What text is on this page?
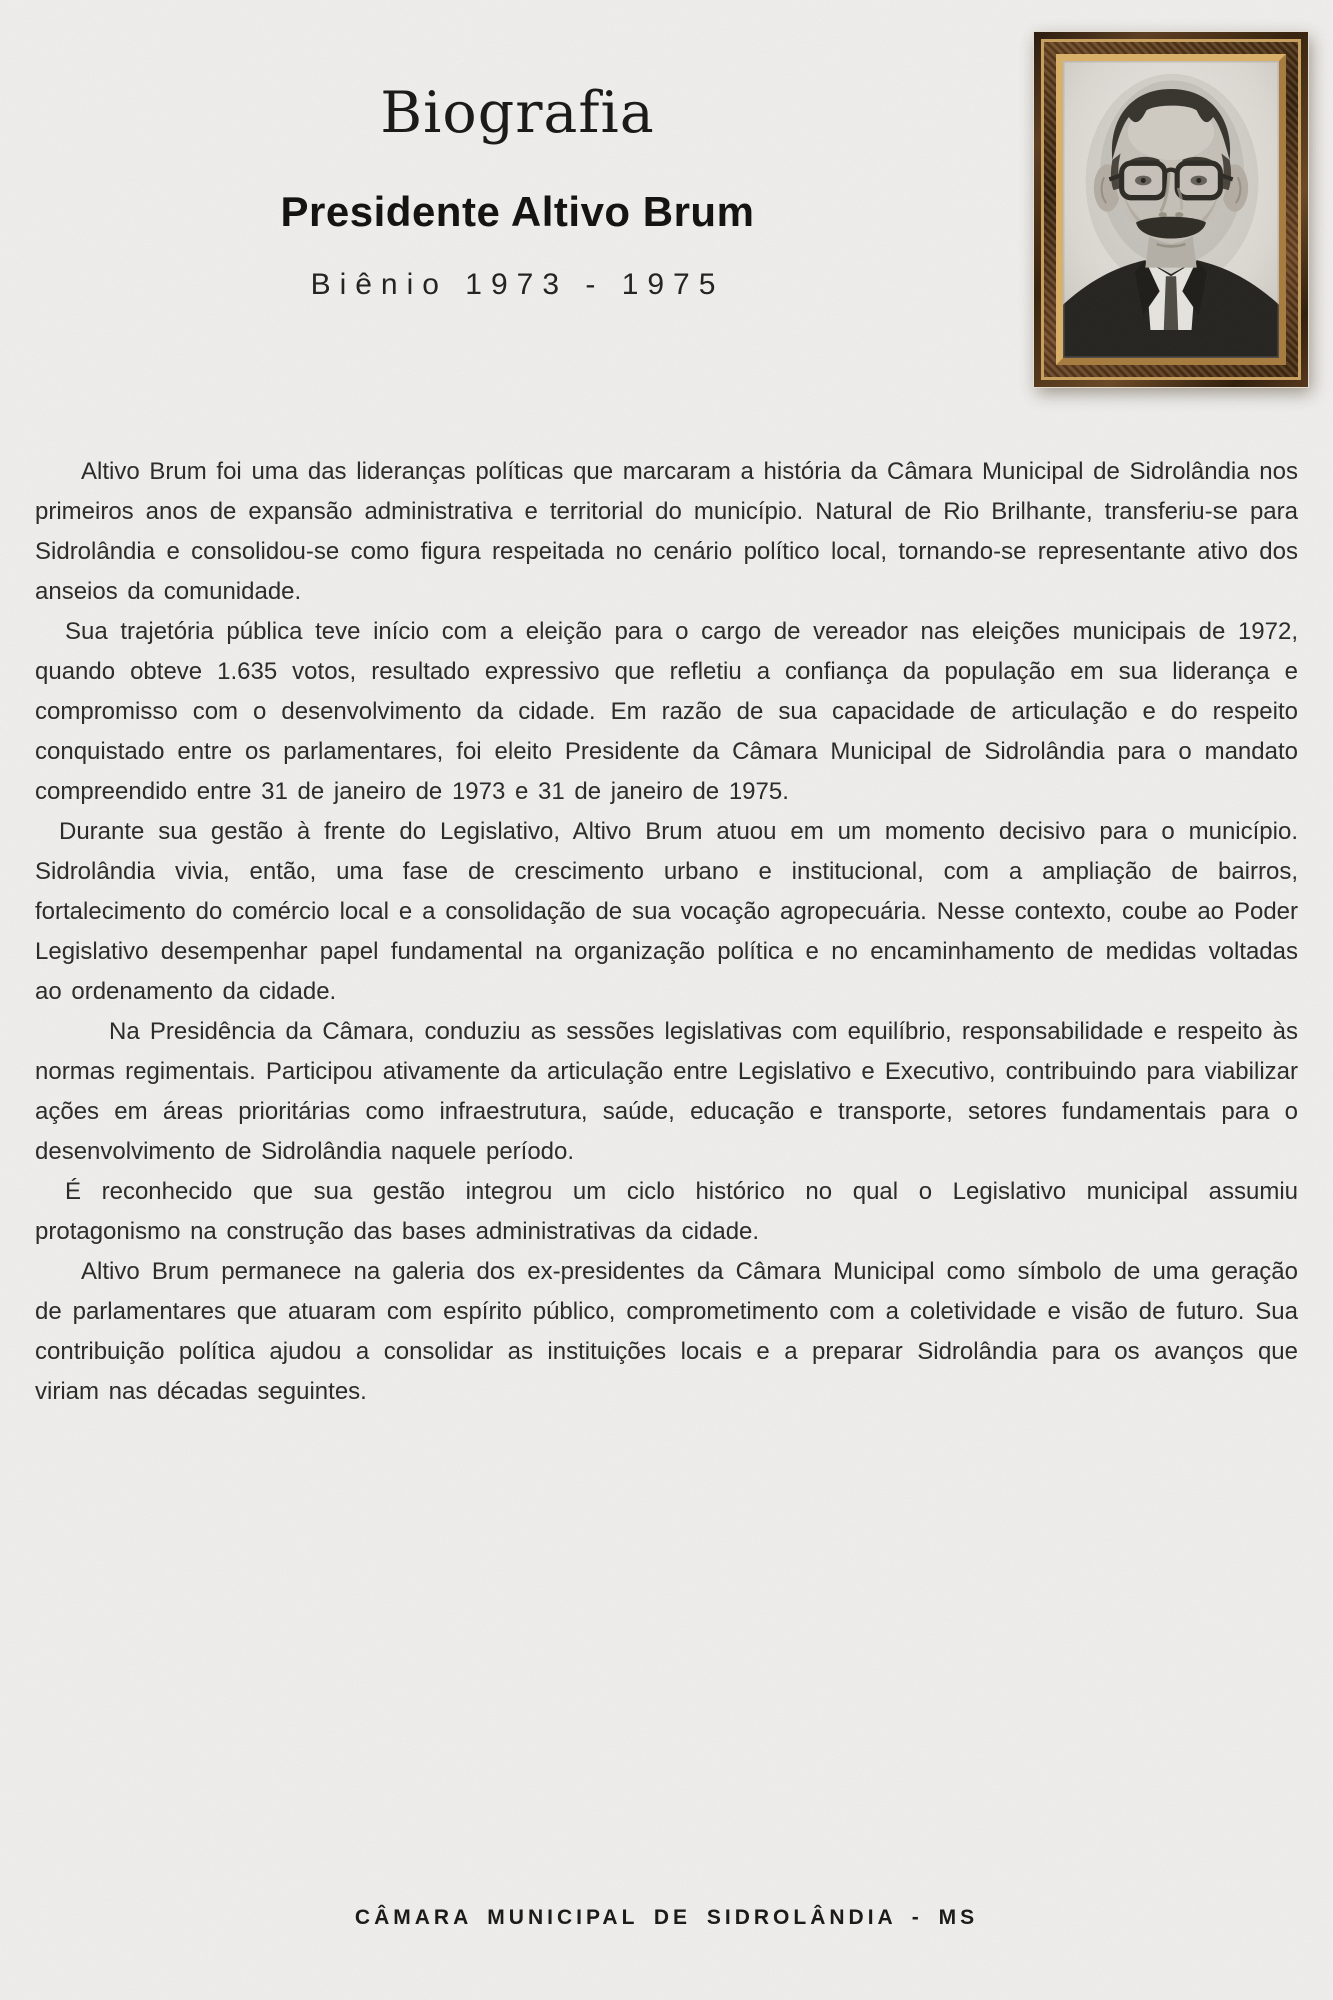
Biografia
Presidente Altivo Brum
Biênio 1973 - 1975

Altivo Brum foi uma das lideranças políticas que marcaram a história da Câmara Municipal de Sidrolândia nos primeiros anos de expansão administrativa e territorial do município. Natural de Rio Brilhante, transferiu-se para Sidrolândia e consolidou-se como figura respeitada no cenário político local, tornando-se representante ativo dos anseios da comunidade.

Sua trajetória pública teve início com a eleição para o cargo de vereador nas eleições municipais de 1972, quando obteve 1.635 votos, resultado expressivo que refletiu a confiança da população em sua liderança e compromisso com o desenvolvimento da cidade. Em razão de sua capacidade de articulação e do respeito conquistado entre os parlamentares, foi eleito Presidente da Câmara Municipal de Sidrolândia para o mandato compreendido entre 31 de janeiro de 1973 e 31 de janeiro de 1975.

Durante sua gestão à frente do Legislativo, Altivo Brum atuou em um momento decisivo para o município. Sidrolândia vivia, então, uma fase de crescimento urbano e institucional, com a ampliação de bairros, fortalecimento do comércio local e a consolidação de sua vocação agropecuária. Nesse contexto, coube ao Poder Legislativo desempenhar papel fundamental na organização política e no encaminhamento de medidas voltadas ao ordenamento da cidade.

Na Presidência da Câmara, conduziu as sessões legislativas com equilíbrio, responsabilidade e respeito às normas regimentais. Participou ativamente da articulação entre Legislativo e Executivo, contribuindo para viabilizar ações em áreas prioritárias como infraestrutura, saúde, educação e transporte, setores fundamentais para o desenvolvimento de Sidrolândia naquele período.

É reconhecido que sua gestão integrou um ciclo histórico no qual o Legislativo municipal assumiu protagonismo na construção das bases administrativas da cidade.

Altivo Brum permanece na galeria dos ex-presidentes da Câmara Municipal como símbolo de uma geração de parlamentares que atuaram com espírito público, comprometimento com a coletividade e visão de futuro. Sua contribuição política ajudou a consolidar as instituições locais e a preparar Sidrolândia para os avanços que viriam nas décadas seguintes.

CÂMARA MUNICIPAL DE SIDROLÂNDIA - MS
